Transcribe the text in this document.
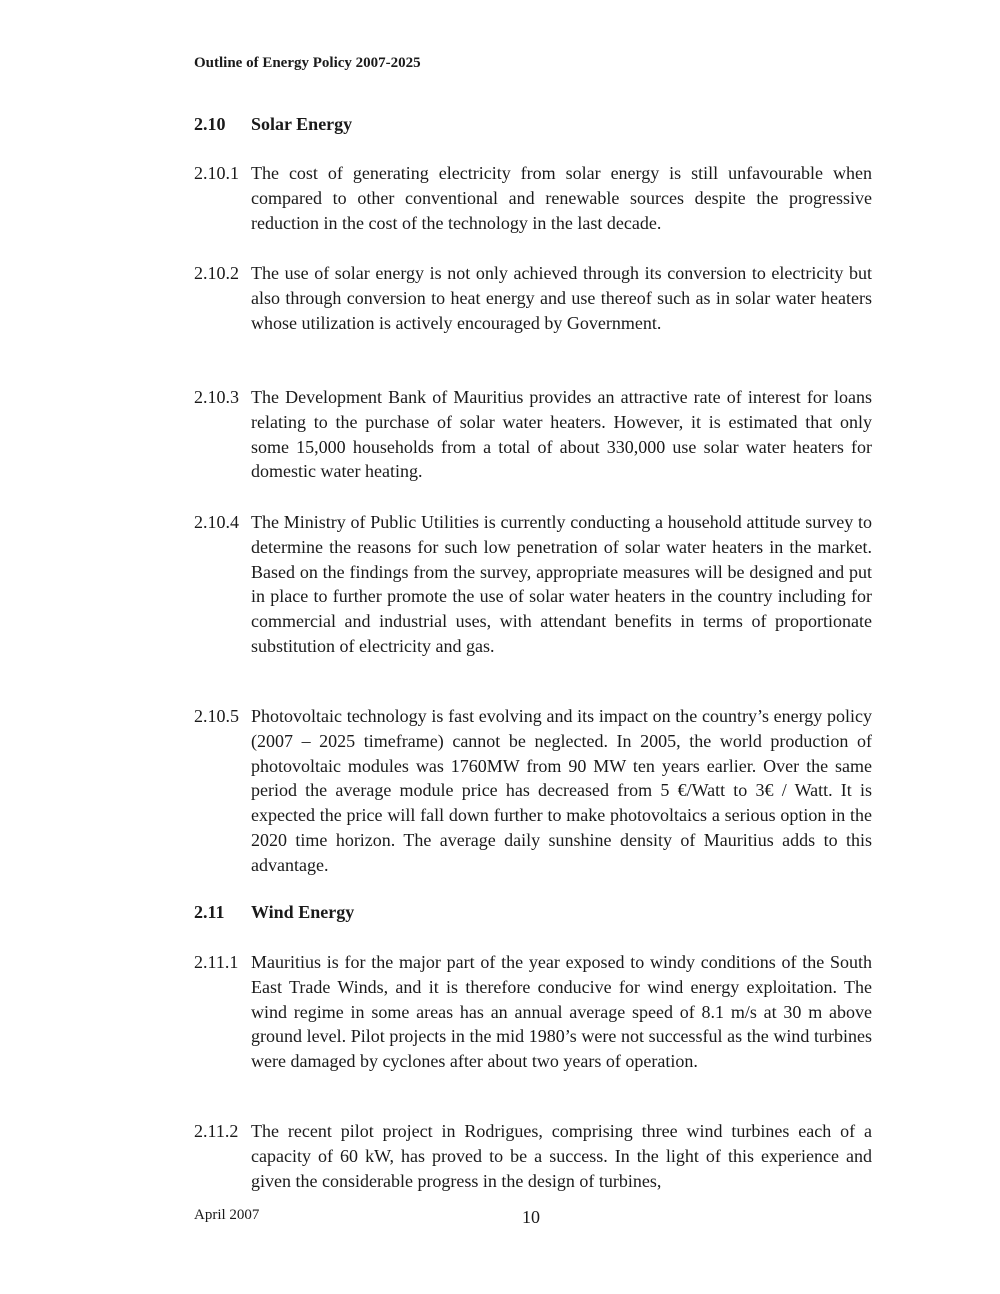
Outline of Energy Policy 2007-2025
2.10 Solar Energy
2.10.1 The cost of generating electricity from solar energy is still unfavourable when compared to other conventional and renewable sources despite the progressive reduction in the cost of the technology in the last decade.
2.10.2 The use of solar energy is not only achieved through its conversion to electricity but also through conversion to heat energy and use thereof such as in solar water heaters whose utilization is actively encouraged by Government.
2.10.3 The Development Bank of Mauritius provides an attractive rate of interest for loans relating to the purchase of solar water heaters. However, it is estimated that only some 15,000 households from a total of about 330,000 use solar water heaters for domestic water heating.
2.10.4 The Ministry of Public Utilities is currently conducting a household attitude survey to determine the reasons for such low penetration of solar water heaters in the market. Based on the findings from the survey, appropriate measures will be designed and put in place to further promote the use of solar water heaters in the country including for commercial and industrial uses, with attendant benefits in terms of proportionate substitution of electricity and gas.
2.10.5 Photovoltaic technology is fast evolving and its impact on the country’s energy policy (2007 – 2025 timeframe) cannot be neglected. In 2005, the world production of photovoltaic modules was 1760MW from 90 MW ten years earlier. Over the same period the average module price has decreased from 5 €/Watt to 3€ / Watt. It is expected the price will fall down further to make photovoltaics a serious option in the 2020 time horizon. The average daily sunshine density of Mauritius adds to this advantage.
2.11 Wind Energy
2.11.1 Mauritius is for the major part of the year exposed to windy conditions of the South East Trade Winds, and it is therefore conducive for wind energy exploitation. The wind regime in some areas has an annual average speed of 8.1 m/s at 30 m above ground level. Pilot projects in the mid 1980’s were not successful as the wind turbines were damaged by cyclones after about two years of operation.
2.11.2 The recent pilot project in Rodrigues, comprising three wind turbines each of a capacity of 60 kW, has proved to be a success. In the light of this experience and given the considerable progress in the design of turbines,
April 2007	10
